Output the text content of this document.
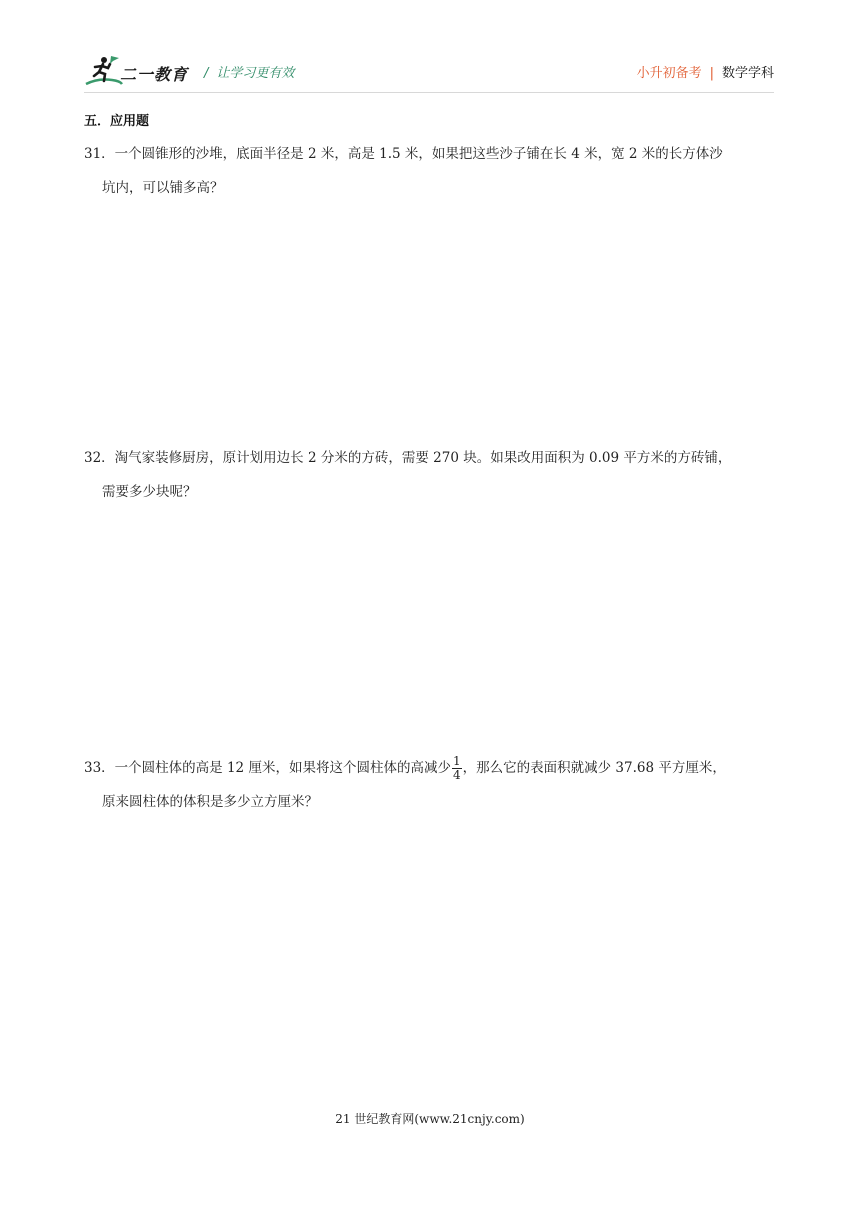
二一教育 / 让学习更有效	小升初备考 | 数学学科
五．应用题
31．一个圆锥形的沙堆，底面半径是 2 米，高是 1.5 米，如果把这些沙子铺在长 4 米，宽 2 米的长方体沙
坑内，可以铺多高？
32．淘气家装修厨房，原计划用边长 2 分米的方砖，需要 270 块。如果改用面积为 0.09 平方米的方砖铺，
需要多少块呢？
33．一个圆柱体的高是 12 厘米，如果将这个圆柱体的高减少 $\frac{1}{4}$ ，那么它的表面积就减少 37.68 平方厘米，
原来圆柱体的体积是多少立方厘米？
21 世纪教育网(www.21cnjy.com)
